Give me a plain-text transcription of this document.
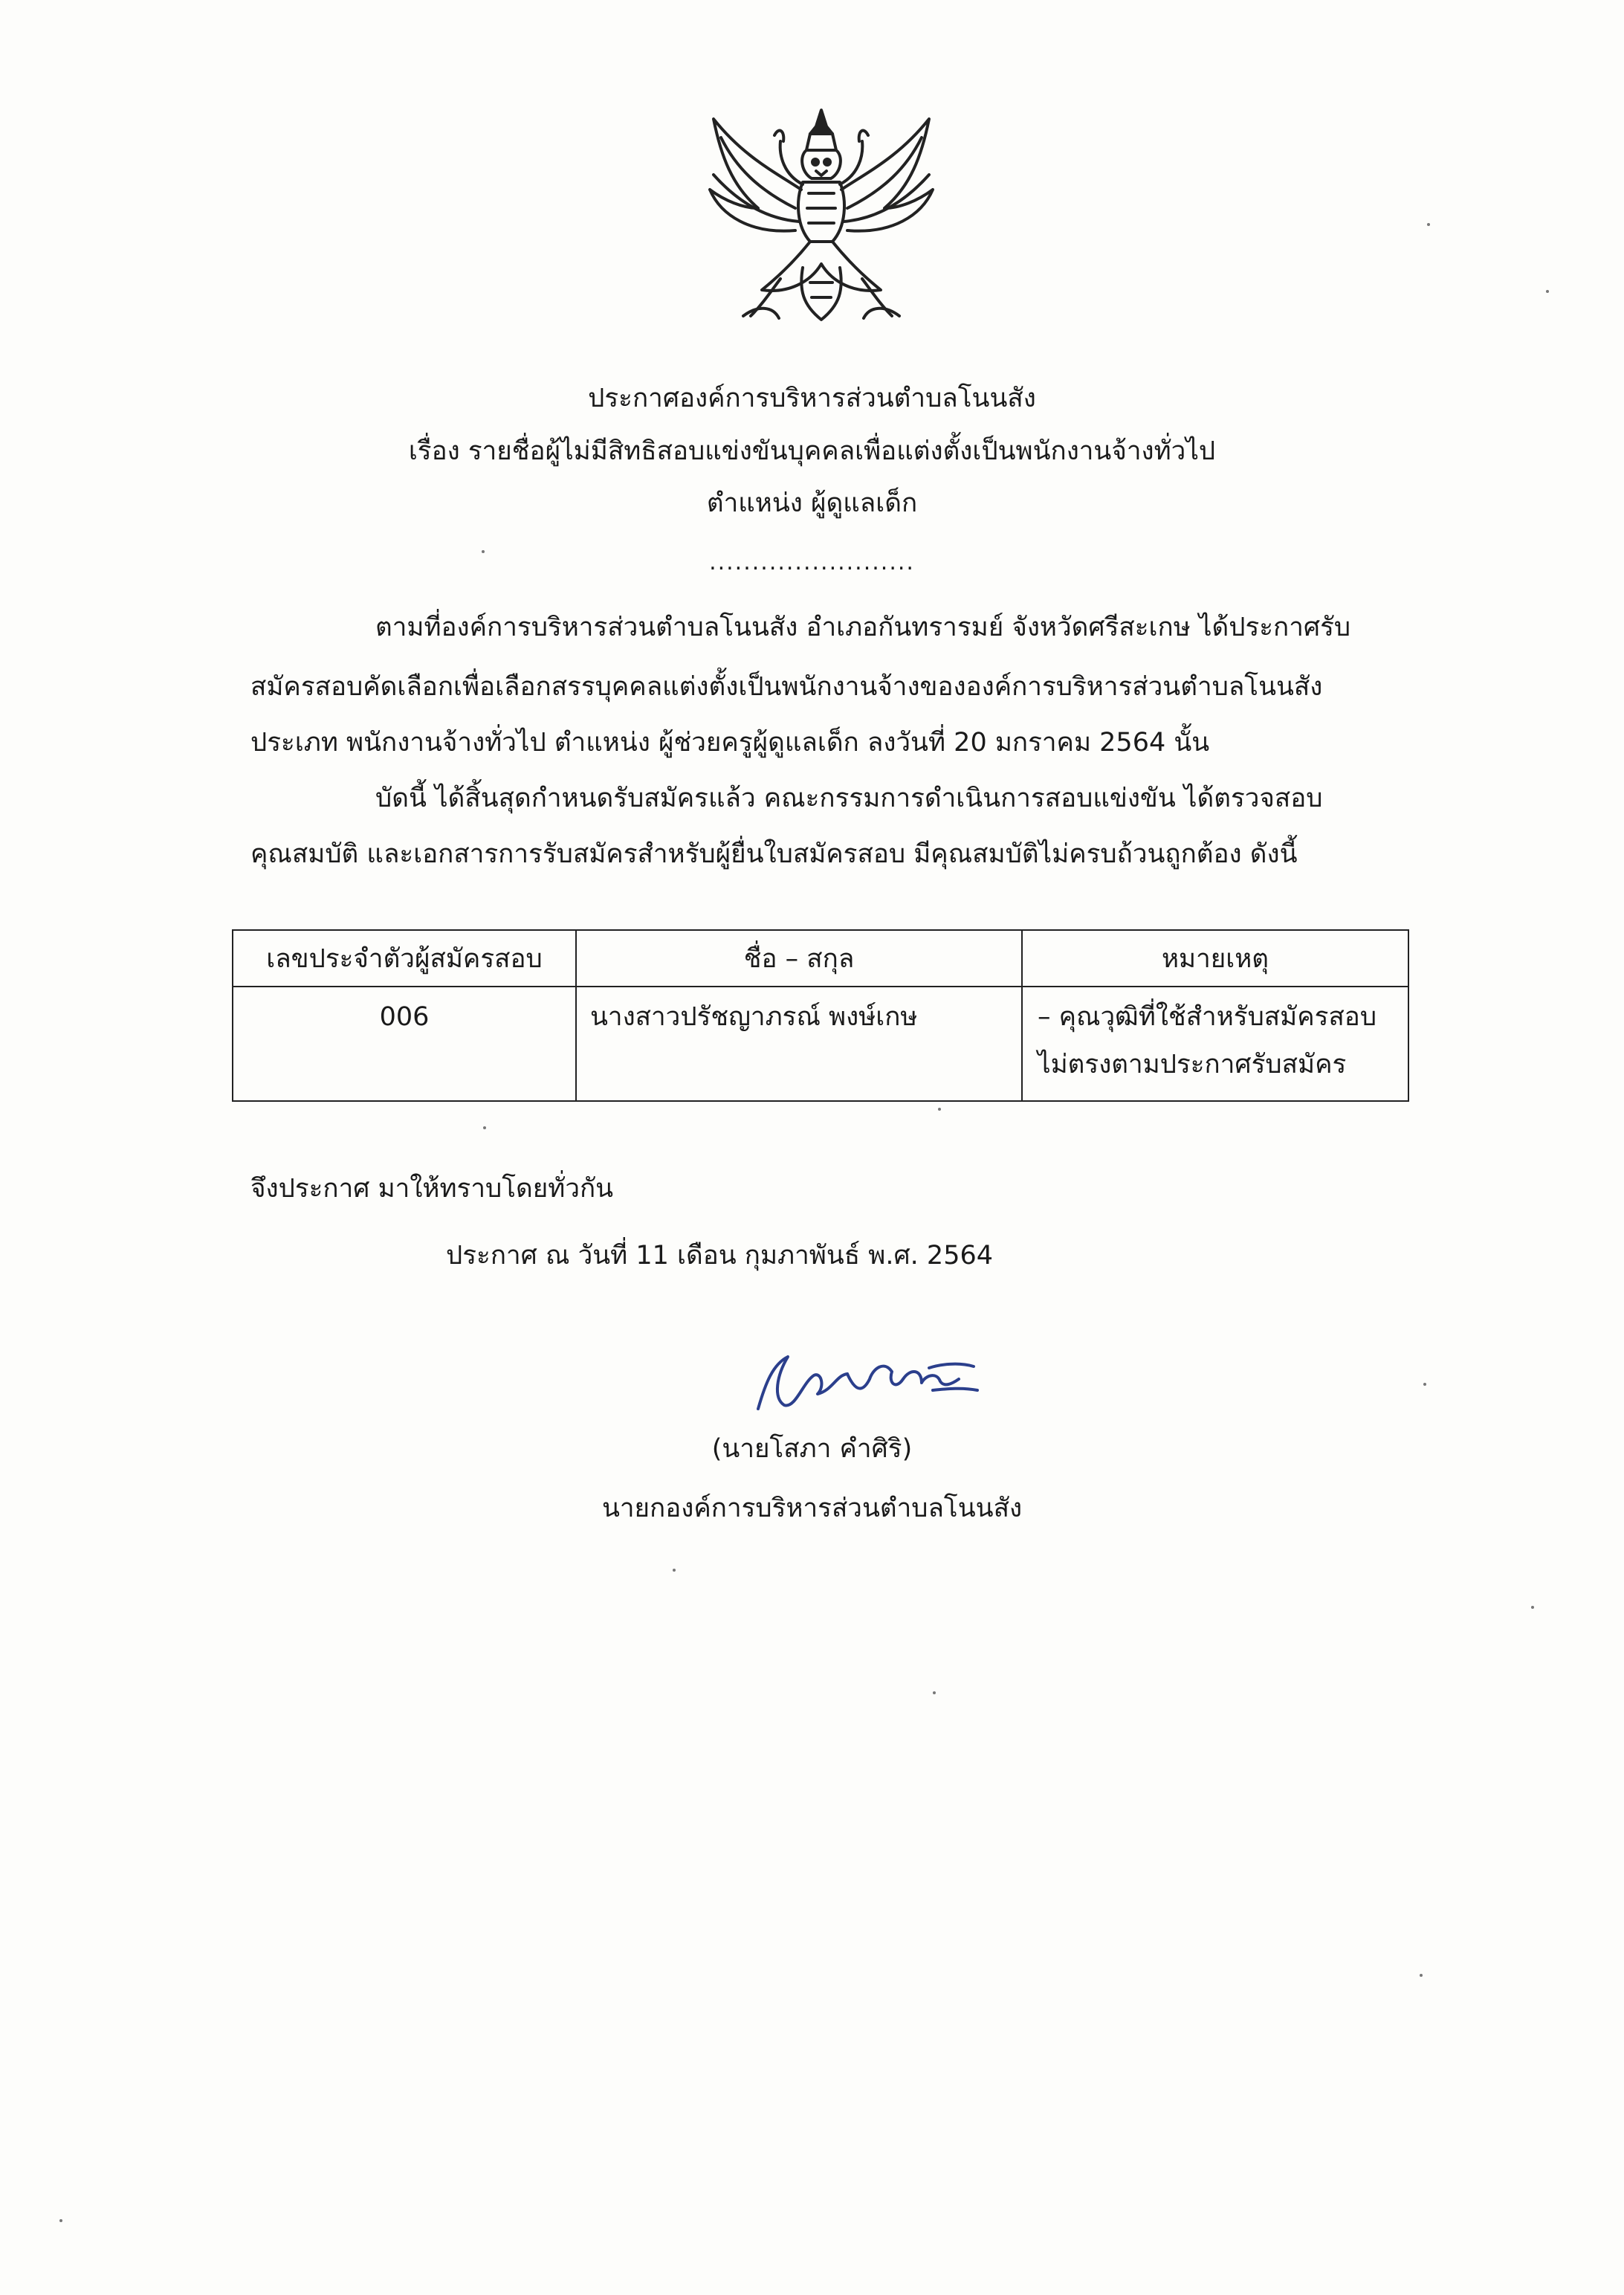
ประกาศองค์การบริหารส่วนตำบลโนนสัง
เรื่อง รายชื่อผู้ไม่มีสิทธิสอบแข่งขันบุคคลเพื่อแต่งตั้งเป็นพนักงานจ้างทั่วไป
ตำแหน่ง ผู้ดูแลเด็ก
........................
ตามที่องค์การบริหารส่วนตำบลโนนสัง อำเภอกันทรารมย์ จังหวัดศรีสะเกษ ได้ประกาศรับ
สมัครสอบคัดเลือกเพื่อเลือกสรรบุคคลแต่งตั้งเป็นพนักงานจ้างขององค์การบริหารส่วนตำบลโนนสัง
ประเภท พนักงานจ้างทั่วไป ตำแหน่ง ผู้ช่วยครูผู้ดูแลเด็ก ลงวันที่ 20 มกราคม 2564 นั้น
บัดนี้ ได้สิ้นสุดกำหนดรับสมัครแล้ว คณะกรรมการดำเนินการสอบแข่งขัน ได้ตรวจสอบ
คุณสมบัติ และเอกสารการรับสมัครสำหรับผู้ยื่นใบสมัครสอบ มีคุณสมบัติไม่ครบถ้วนถูกต้อง ดังนี้
เลขประจำตัวผู้สมัครสอบ	ชื่อ – สกุล	หมายเหตุ
006	นางสาวปรัชญาภรณ์ พงษ์เกษ	– คุณวุฒิที่ใช้สำหรับสมัครสอบ
ไม่ตรงตามประกาศรับสมัคร
จึงประกาศ มาให้ทราบโดยทั่วกัน
ประกาศ ณ วันที่ 11 เดือน กุมภาพันธ์ พ.ศ. 2564
(นายโสภา คำศิริ)
นายกองค์การบริหารส่วนตำบลโนนสัง
